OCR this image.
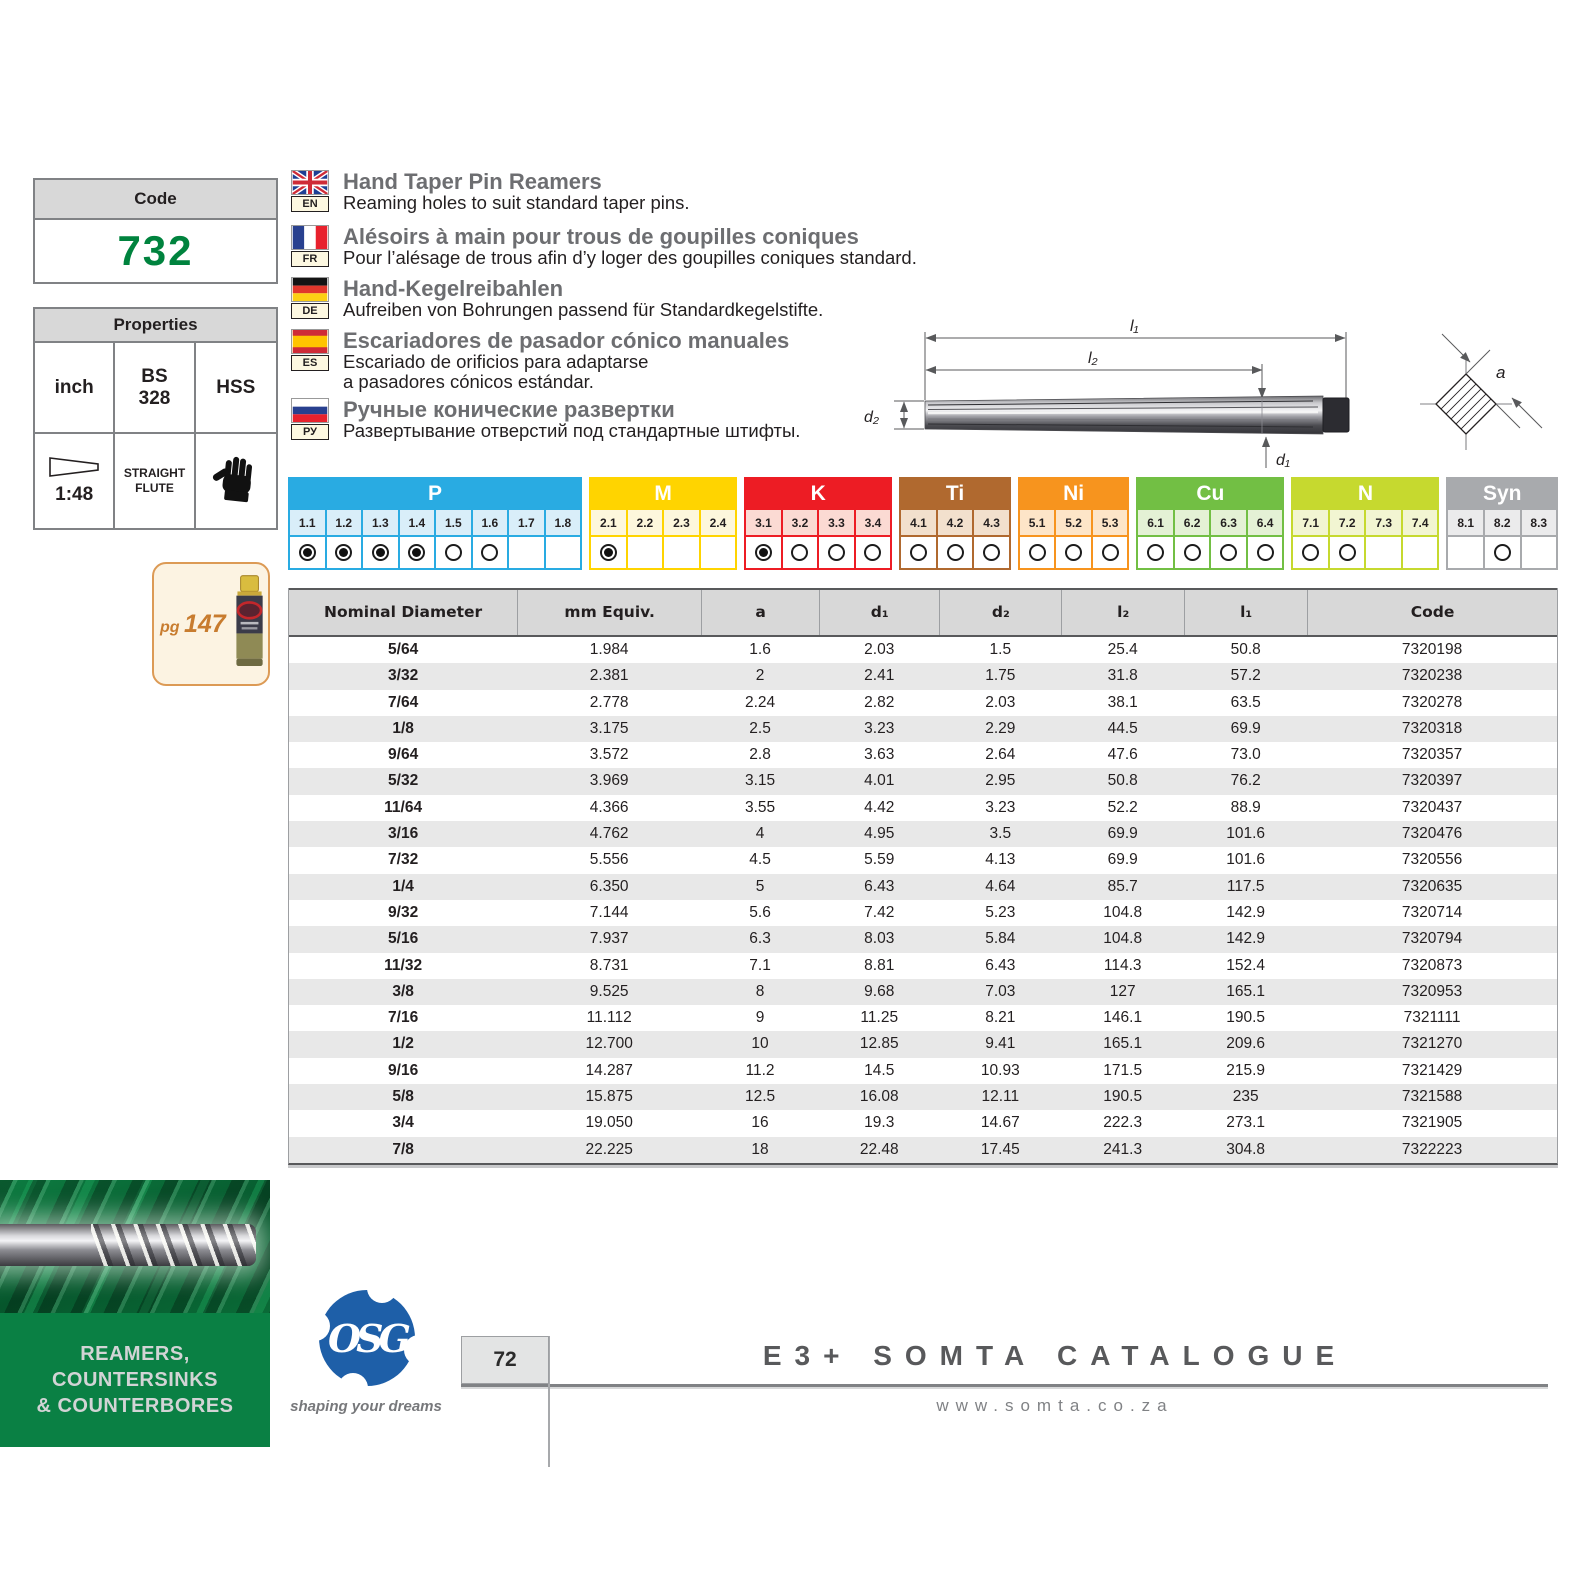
Code
732
Properties
inch
BS
328
HSS
1:48
STRAIGHT
FLUTE
pg 147
EN
Hand Taper Pin Reamers
Reaming holes to suit standard taper pins.
FR
Alésoirs à main pour trous de goupilles coniques
Pour l’alésage de trous afin d’y loger des goupilles coniques standard.
DE
Hand-Kegelreibahlen
Aufreiben von Bohrungen passend für Standardkegelstifte.
ES
Escariadores de pasador cónico manuales
Escariado de orificios para adaptarse
a pasadores cónicos estándar.
РУ
Ручные конические развертки
Развертывание отверстий под стандартные штифты.
l₁
l₂
d₂
d₁
a
P
1.1	1.2	1.3	1.4	1.5	1.6	1.7	1.8
M
2.1	2.2	2.3	2.4
K
3.1	3.2	3.3	3.4
Ti
4.1	4.2	4.3
Ni
5.1	5.2	5.3
Cu
6.1	6.2	6.3	6.4
N
7.1	7.2	7.3	7.4
Syn
8.1	8.2	8.3
Nominal Diameter	mm Equiv.	a	d₁	d₂	l₂	l₁	Code
5/64	1.984	1.6	2.03	1.5	25.4	50.8	7320198
3/32	2.381	2	2.41	1.75	31.8	57.2	7320238
7/64	2.778	2.24	2.82	2.03	38.1	63.5	7320278
1/8	3.175	2.5	3.23	2.29	44.5	69.9	7320318
9/64	3.572	2.8	3.63	2.64	47.6	73.0	7320357
5/32	3.969	3.15	4.01	2.95	50.8	76.2	7320397
11/64	4.366	3.55	4.42	3.23	52.2	88.9	7320437
3/16	4.762	4	4.95	3.5	69.9	101.6	7320476
7/32	5.556	4.5	5.59	4.13	69.9	101.6	7320556
1/4	6.350	5	6.43	4.64	85.7	117.5	7320635
9/32	7.144	5.6	7.42	5.23	104.8	142.9	7320714
5/16	7.937	6.3	8.03	5.84	104.8	142.9	7320794
11/32	8.731	7.1	8.81	6.43	114.3	152.4	7320873
3/8	9.525	8	9.68	7.03	127	165.1	7320953
7/16	11.112	9	11.25	8.21	146.1	190.5	7321111
1/2	12.700	10	12.85	9.41	165.1	209.6	7321270
9/16	14.287	11.2	14.5	10.93	171.5	215.9	7321429
5/8	15.875	12.5	16.08	12.11	190.5	235	7321588
3/4	19.050	16	19.3	14.67	222.3	273.1	7321905
7/8	22.225	18	22.48	17.45	241.3	304.8	7322223
REAMERS,
COUNTERSINKS
& COUNTERBORES
OSG
shaping your dreams
72	E3+ SOMTA CATALOGUE
www.somta.co.za
